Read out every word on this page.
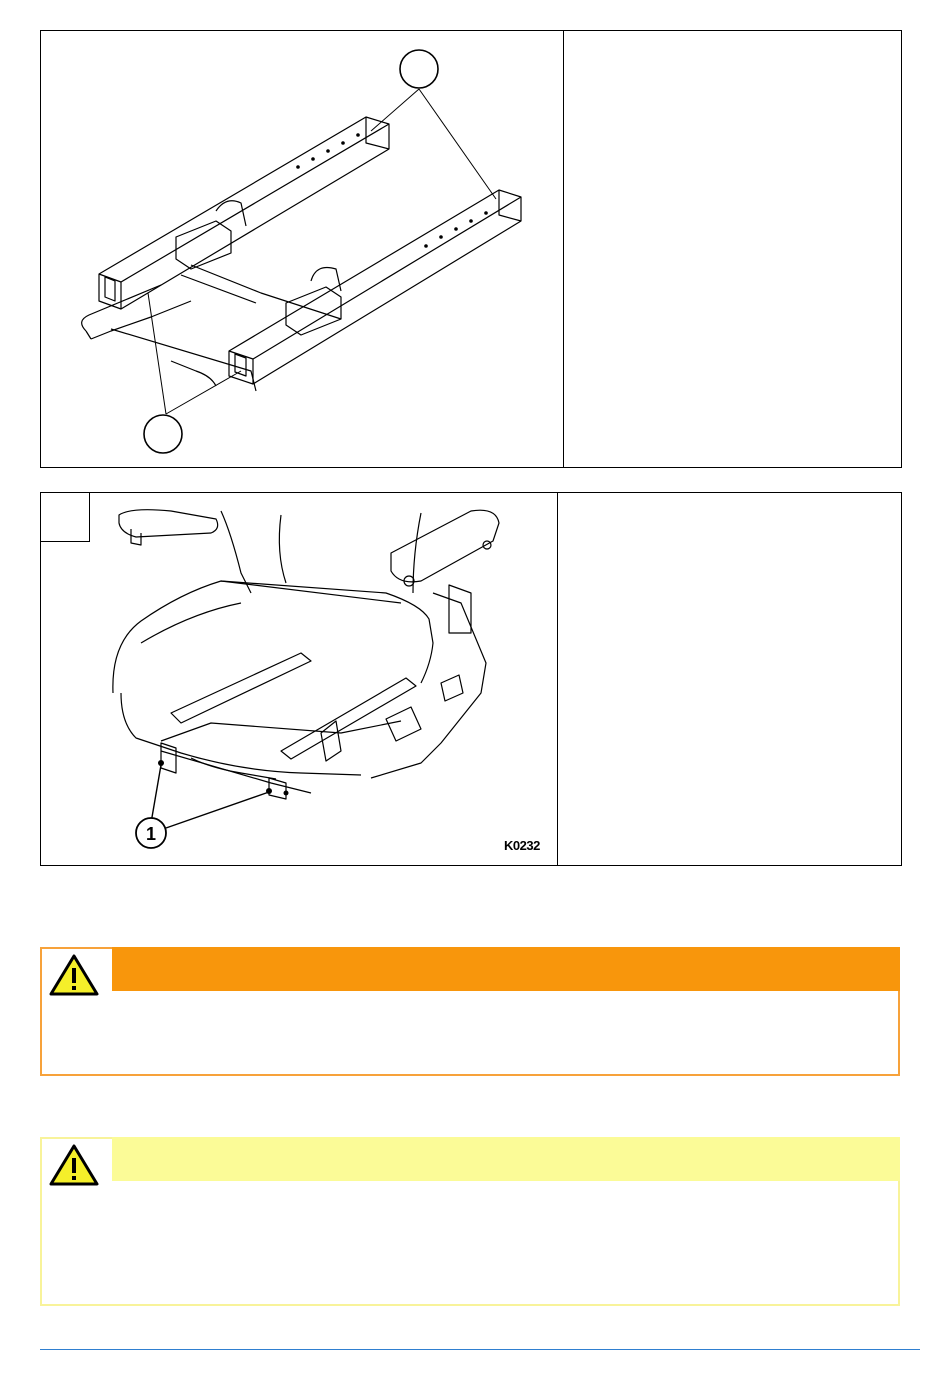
1
K0232
